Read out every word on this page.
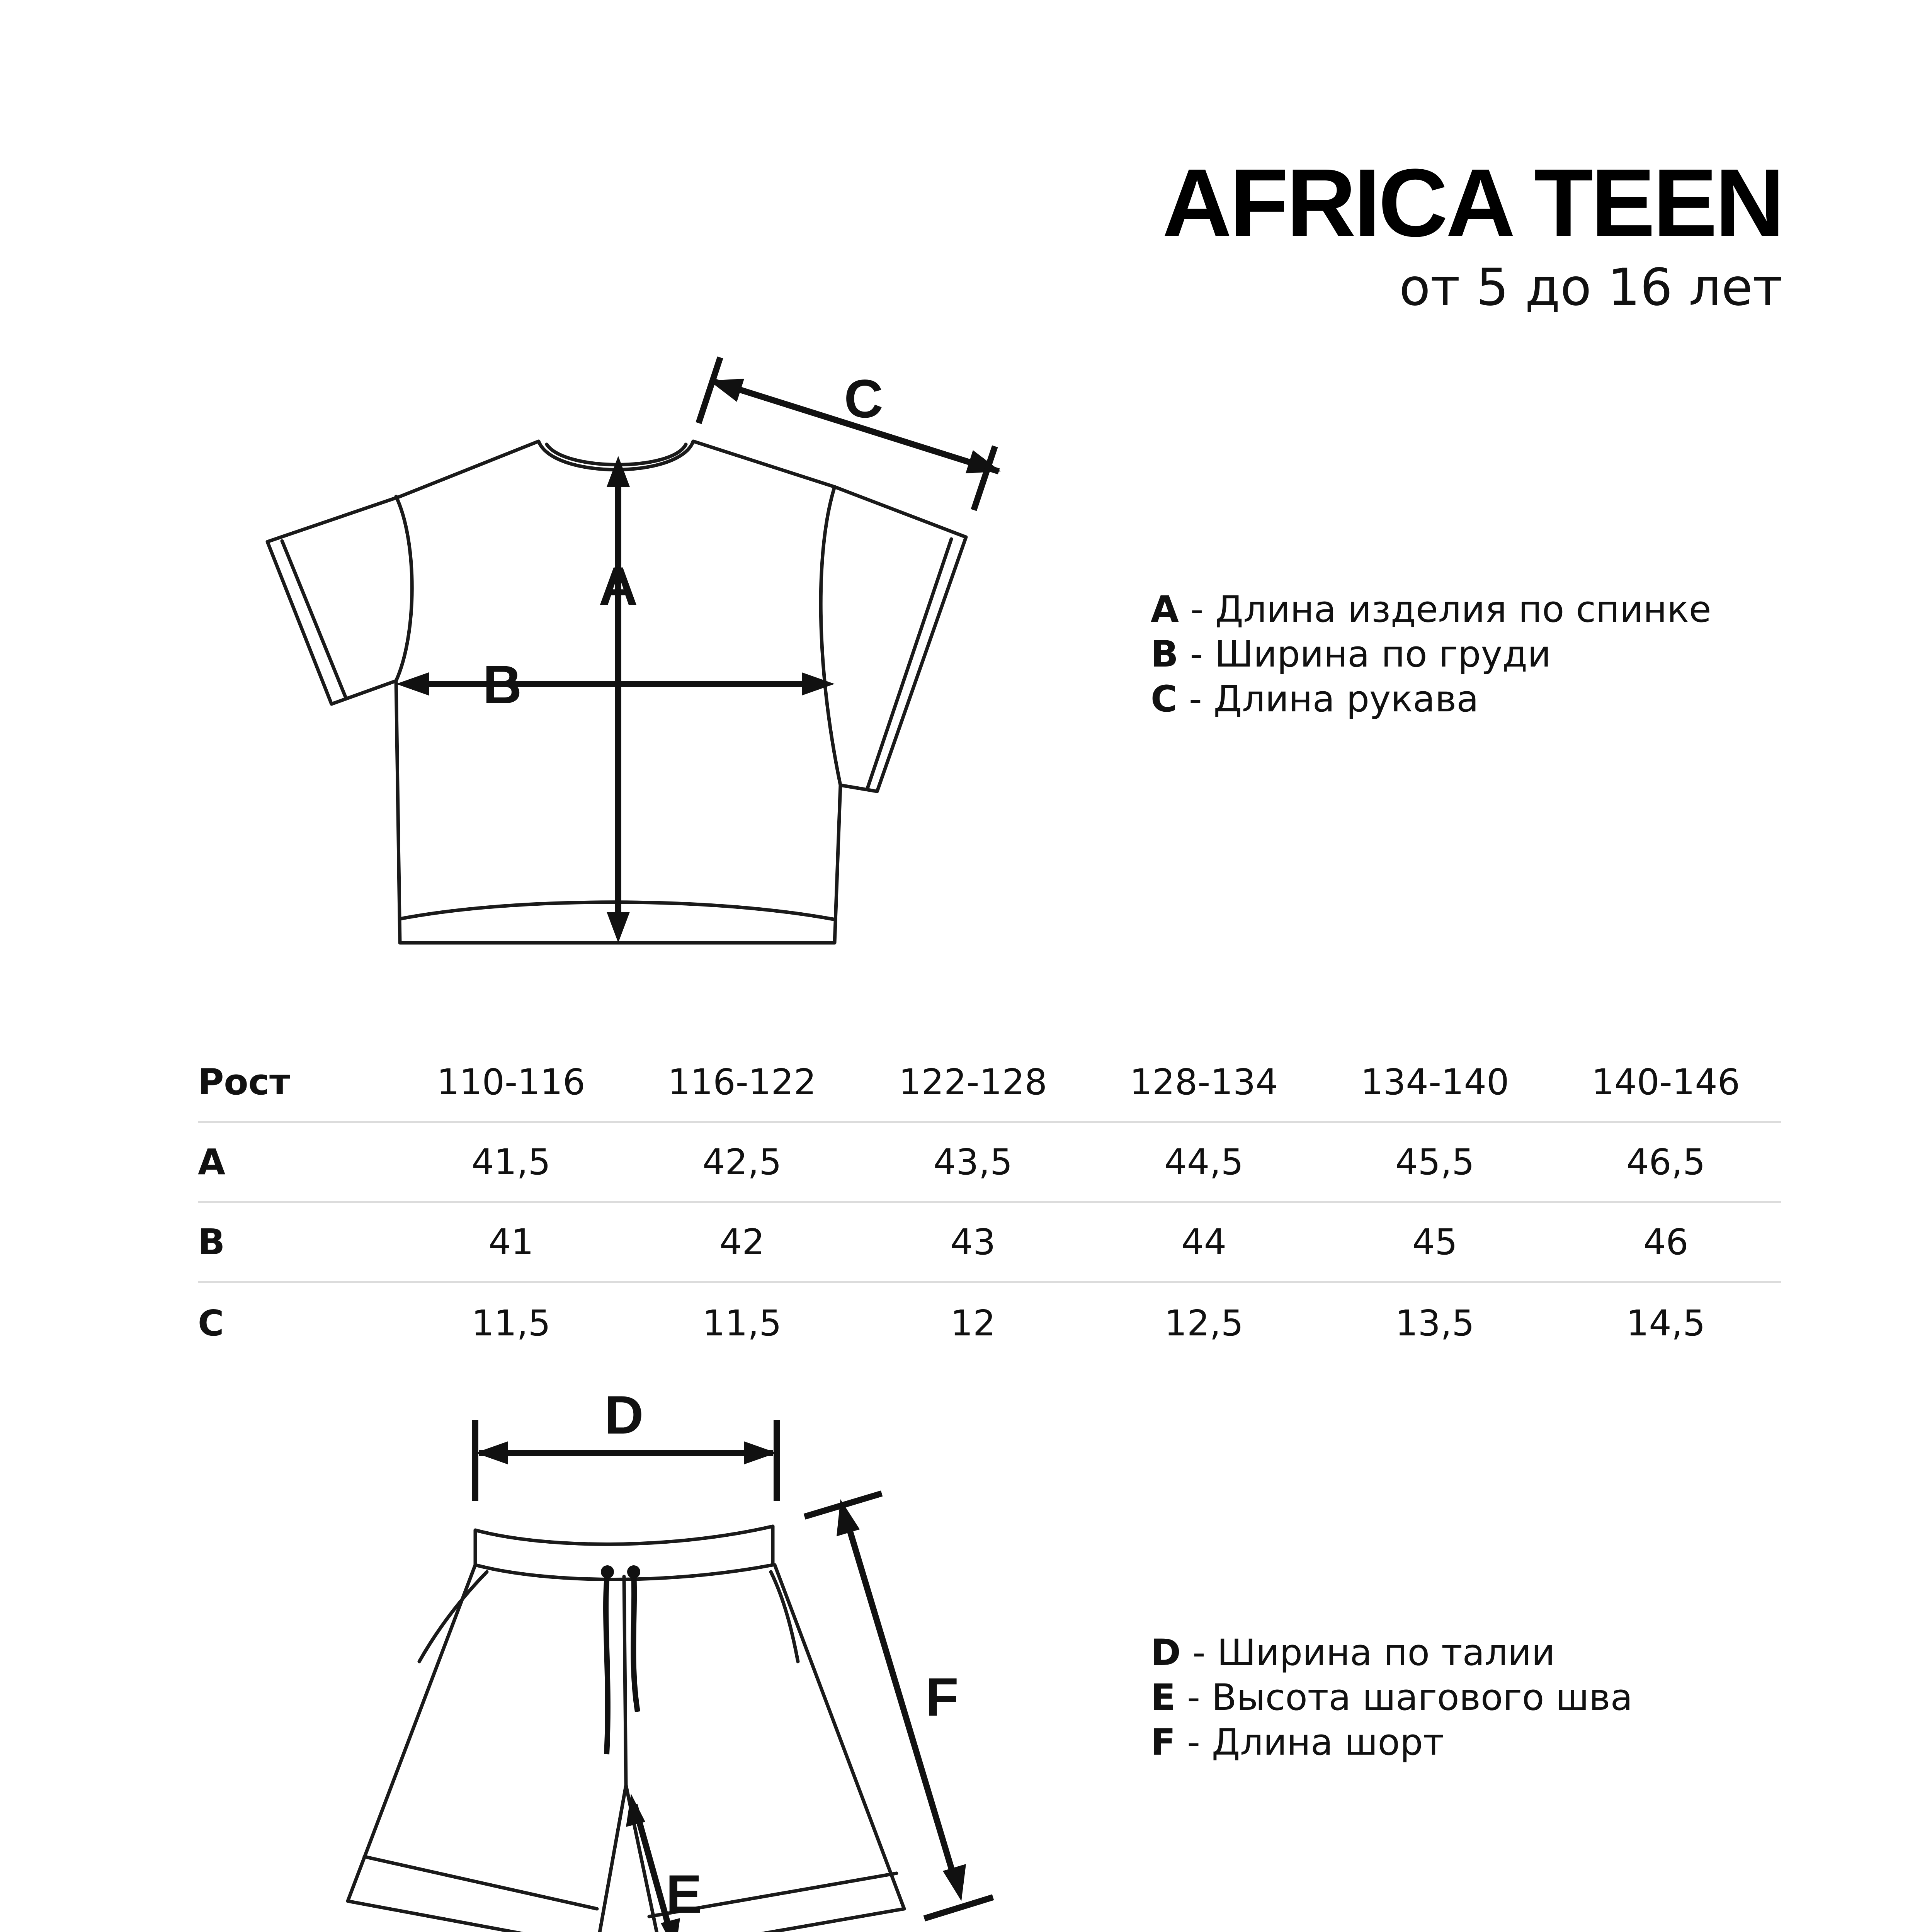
AFRICA TEEN
от 5 до 16 лет
A
B
C
A - Длина изделия по спинке
B - Ширина по груди
C - Длина рукава
Рост	110-116	116-122	122-128	128-134	134-140	140-146
A	41,5	42,5	43,5	44,5	45,5	46,5
B	41	42	43	44	45	46
C	11,5	11,5	12	12,5	13,5	14,5
D
F
E
D - Ширина по талии
E - Высота шагового шва
F - Длина шорт
